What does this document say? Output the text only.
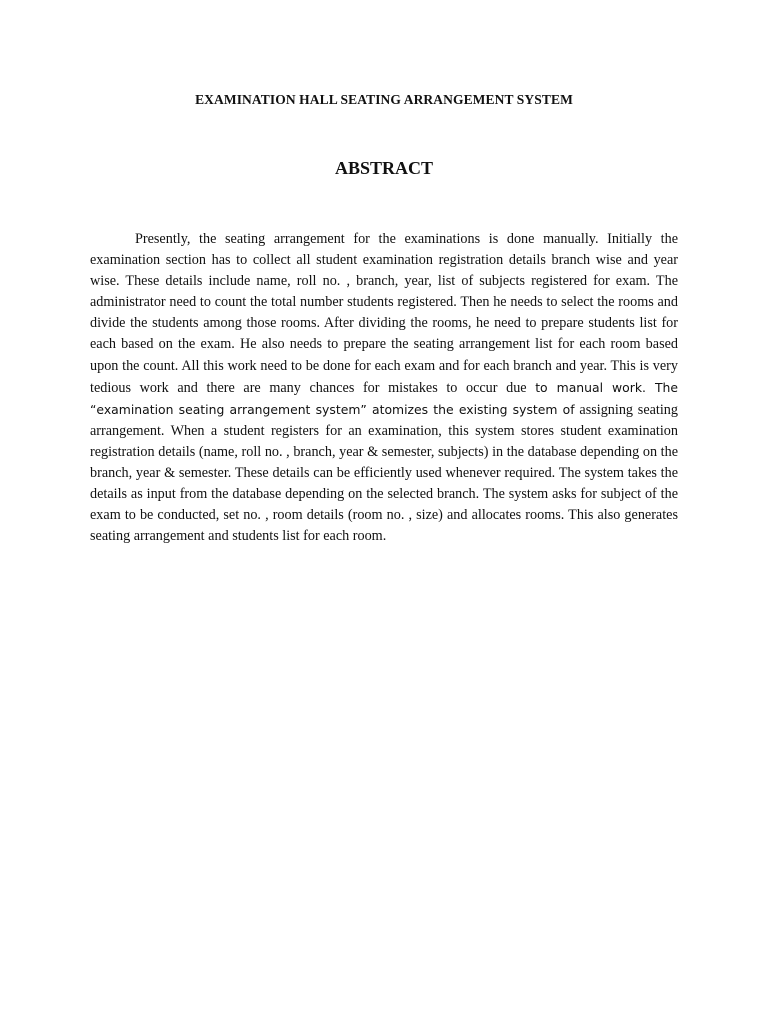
EXAMINATION HALL SEATING ARRANGEMENT SYSTEM
ABSTRACT

Presently, the seating arrangement for the examinations is done manually. Initially the examination section has to collect all student examination registration details branch wise and year wise. These details include name, roll no. , branch, year, list of subjects registered for exam. The administrator need to count the total number students registered. Then he needs to select the rooms and divide the students among those rooms. After dividing the rooms, he need to prepare students list for each based on the exam. He also needs to prepare the seating arrangement list for each room based upon the count. All this work need to be done for each exam and for each branch and year. This is very tedious work and there are many chances for mistakes to occur due to manual work. The “examination seating arrangement system” atomizes the existing system of assigning seating arrangement. When a student registers for an examination, this system stores student examination registration details (name, roll no. , branch, year & semester, subjects) in the database depending on the branch, year & semester. These details can be efficiently used whenever required. The system takes the details as input from the database depending on the selected branch. The system asks for subject of the exam to be conducted, set no. , room details (room no. , size) and allocates rooms. This also generates seating arrangement and students list for each room.
